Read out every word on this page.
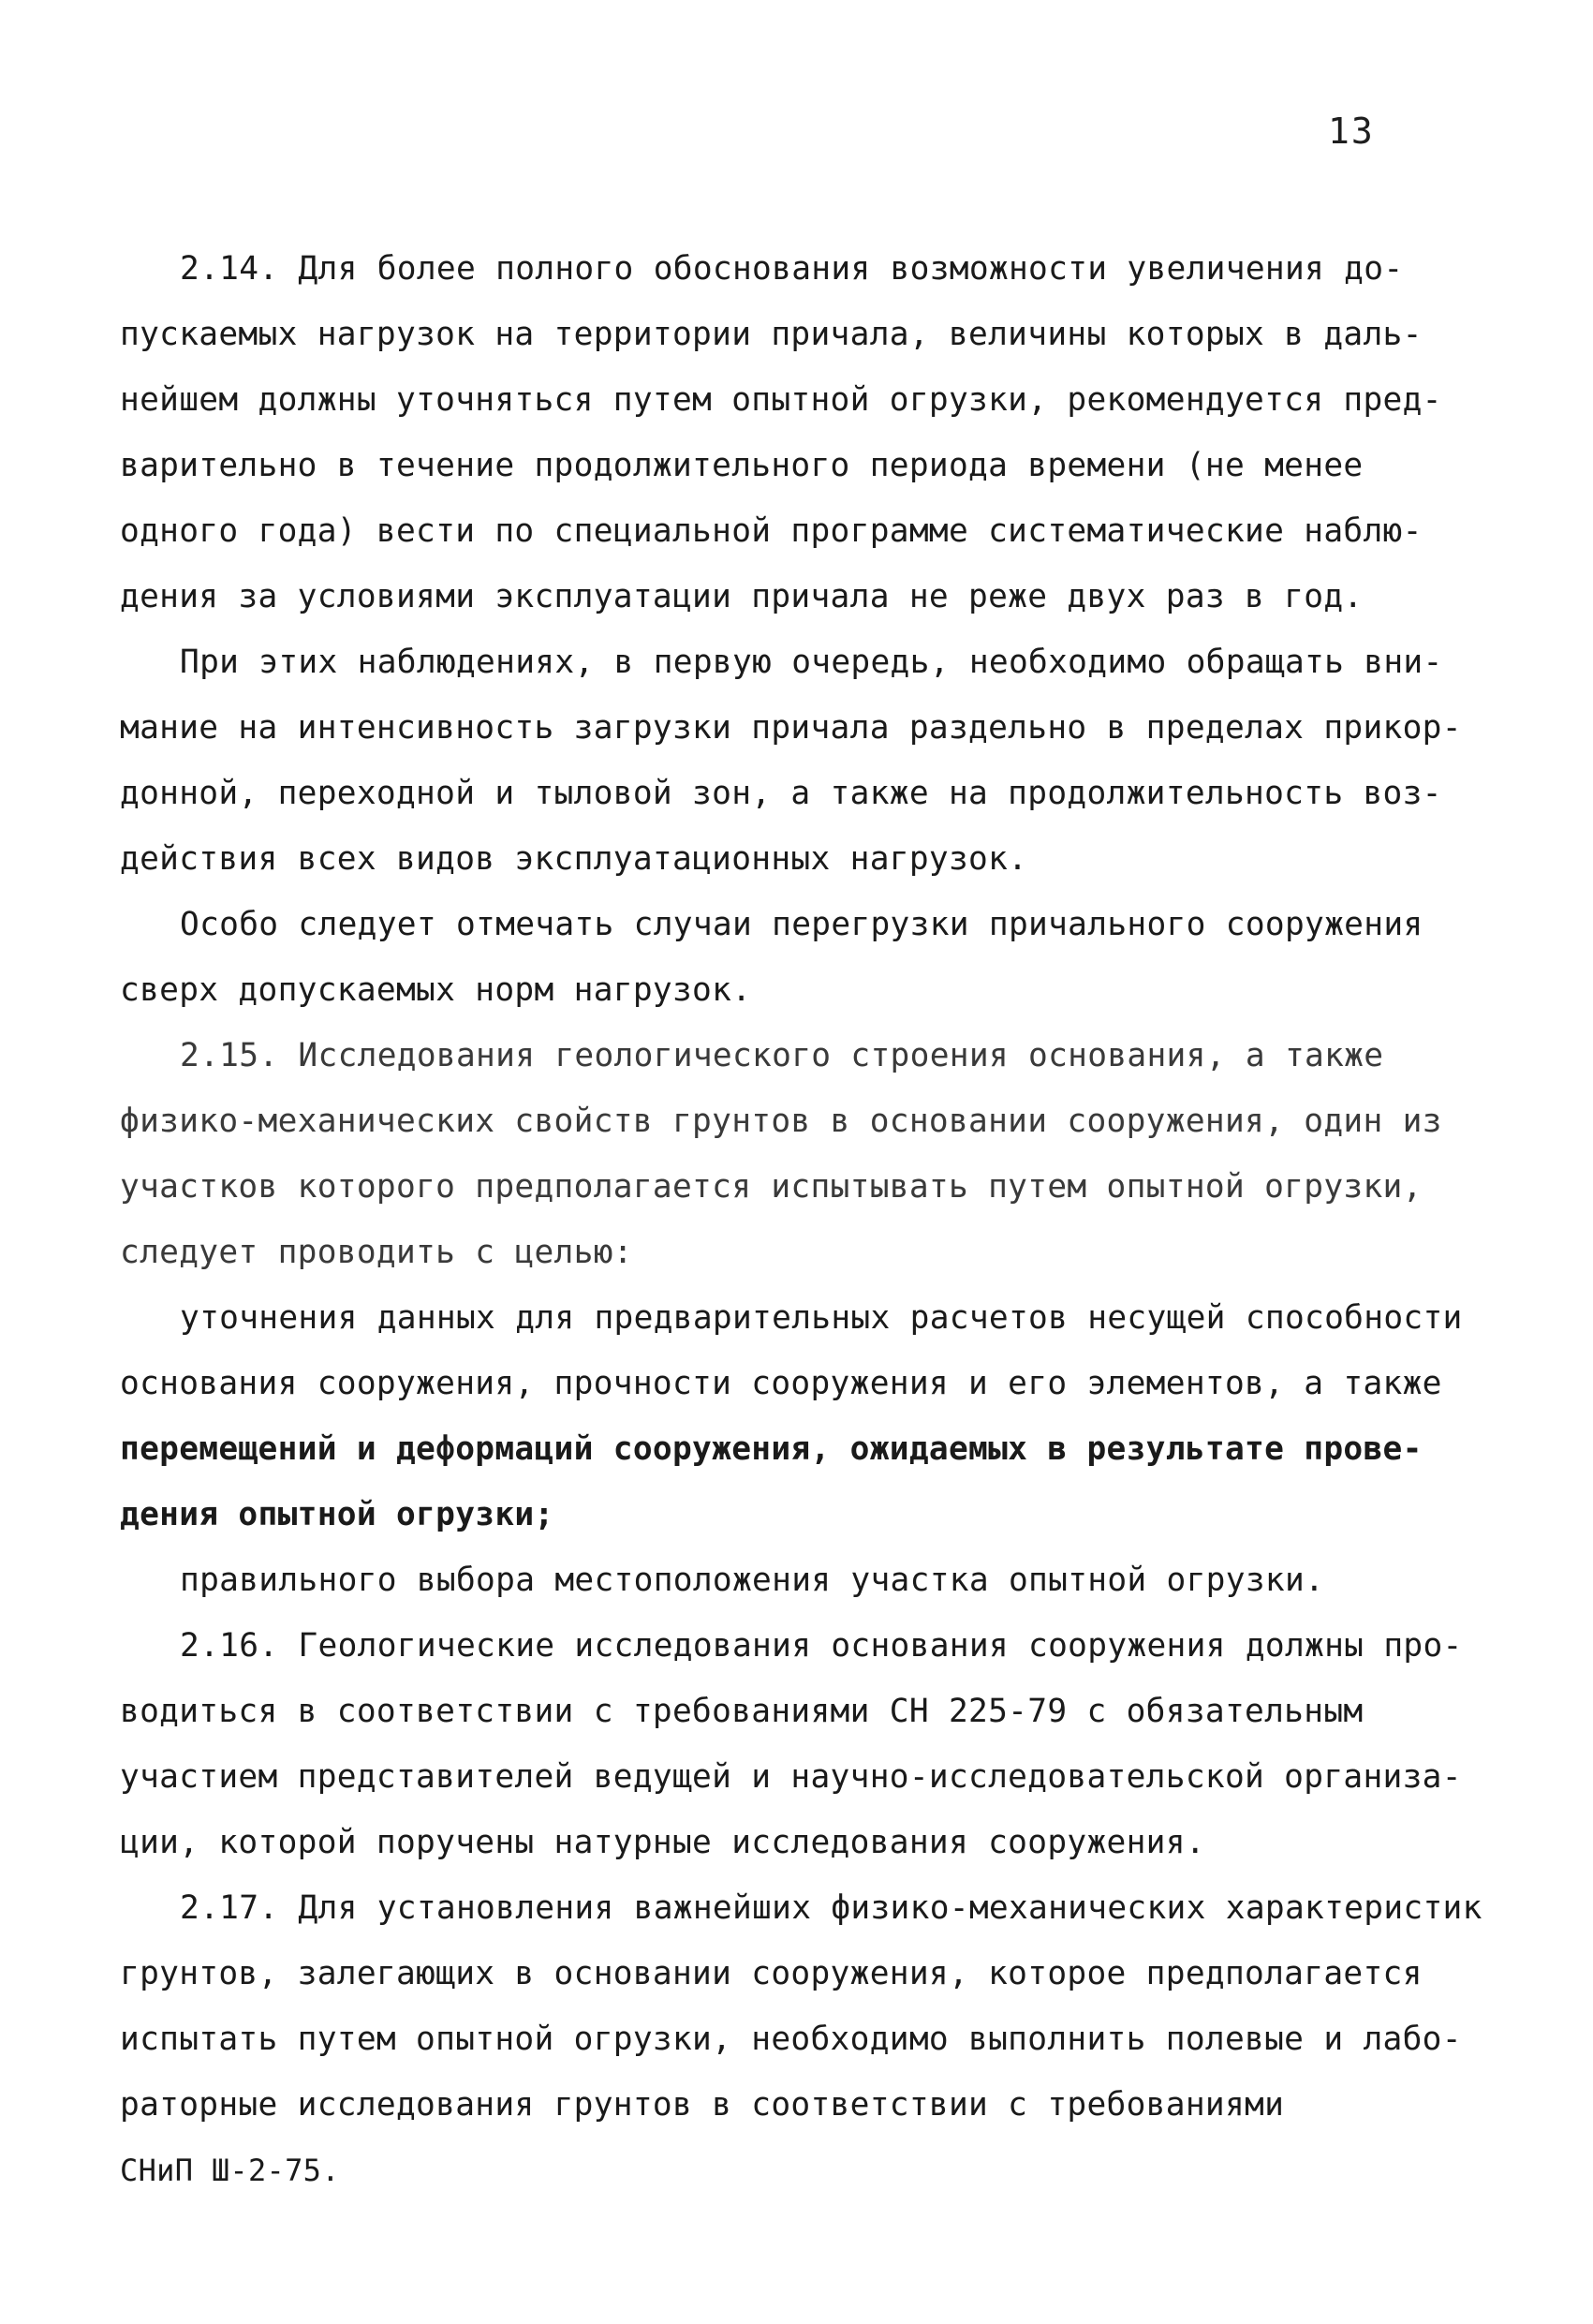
13
2.14. Для более полного обоснования возможности увеличения до-
пускаемых нагрузок на территории причала, величины которых в даль-
нейшем должны уточняться путем опытной огрузки, рекомендуется пред-
варительно в течение продолжительного периода времени (не менее
одного года) вести по специальной программе систематические наблю-
дения за условиями эксплуатации причала не реже двух раз в год.
При этих наблюдениях, в первую очередь, необходимо обращать вни-
мание на интенсивность загрузки причала раздельно в пределах прикор-
донной, переходной и тыловой зон, а также на продолжительность воз-
действия всех видов эксплуатационных нагрузок.
Особо следует отмечать случаи перегрузки причального сооружения
сверх допускаемых норм нагрузок.
2.15. Исследования геологического строения основания, а также
физико-механических свойств грунтов в основании сооружения, один из
участков которого предполагается испытывать путем опытной огрузки,
следует проводить с целью:
уточнения данных для предварительных расчетов несущей способности
основания сооружения, прочности сооружения и его элементов, а также
перемещений и деформаций сооружения, ожидаемых в результате прове-
дения опытной огрузки;
правильного выбора местоположения участка опытной огрузки.
2.16. Геологические исследования основания сооружения должны про-
водиться в соответствии с требованиями СН 225-79 с обязательным
участием представителей ведущей и научно-исследовательской организа-
ции, которой поручены натурные исследования сооружения.
2.17. Для установления важнейших физико-механических характеристик
грунтов, залегающих в основании сооружения, которое предполагается
испытать путем опытной огрузки, необходимо выполнить полевые и лабо-
раторные исследования грунтов в соответствии с требованиями
СНиП Ш-2-75.
